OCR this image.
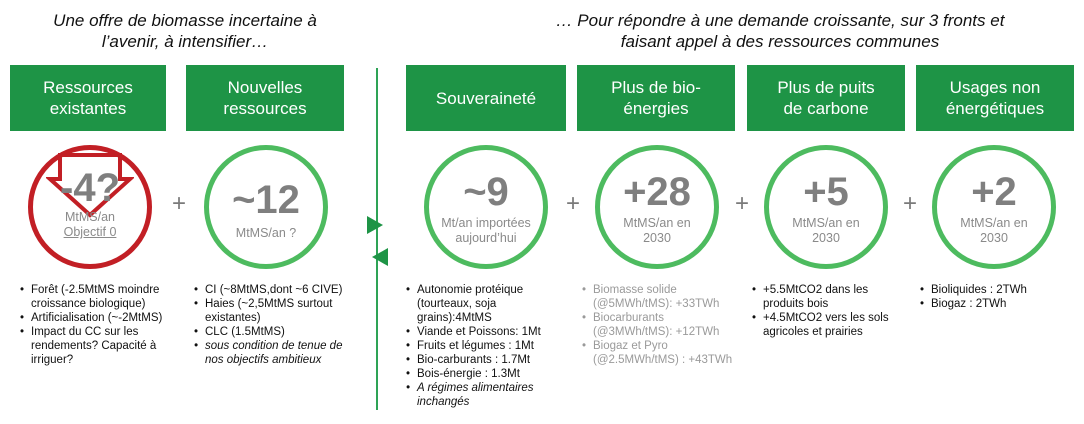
Une offre de biomasse incertaine à
l’avenir, à intensifier…
… Pour répondre à une demande croissante, sur 3 fronts et
faisant appel à des ressources communes
Ressources
existantes
-4?
MtMS/an
Objectif 0
• Forêt (-2.5MtMS moindre croissance biologique)
• Artificialisation (~-2MtMS)
• Impact du CC sur les rendements? Capacité à irriguer?
+
Nouvelles
ressources
~12
MtMS/an ?
• CI (~8MtMS,dont ~6 CIVE)
• Haies (~2,5MtMS surtout existantes)
• CLC (1.5MtMS)
• sous condition de tenue de nos objectifs ambitieux
Souveraineté
~9
Mt/an importées
aujourd’hui
• Autonomie protéique (tourteaux, soja grains):4MtMS
• Viande et Poissons: 1Mt
• Fruits et légumes : 1Mt
• Bio-carburants : 1.7Mt
• Bois-énergie : 1.3Mt
• A régimes alimentaires inchangés
+
Plus de bio-
énergies
+28
MtMS/an en
2030
• Biomasse solide (@5MWh/tMS): +33TWh
• Biocarburants (@3MWh/tMS): +12TWh
• Biogaz et Pyro (@2.5MWh/tMS) : +43TWh
+
Plus de puits
de carbone
+5
MtMS/an en
2030
• +5.5MtCO2 dans les produits bois
• +4.5MtCO2 vers les sols agricoles et prairies
+
Usages non
énergétiques
+2
MtMS/an en
2030
• Bioliquides : 2TWh
• Biogaz : 2TWh
